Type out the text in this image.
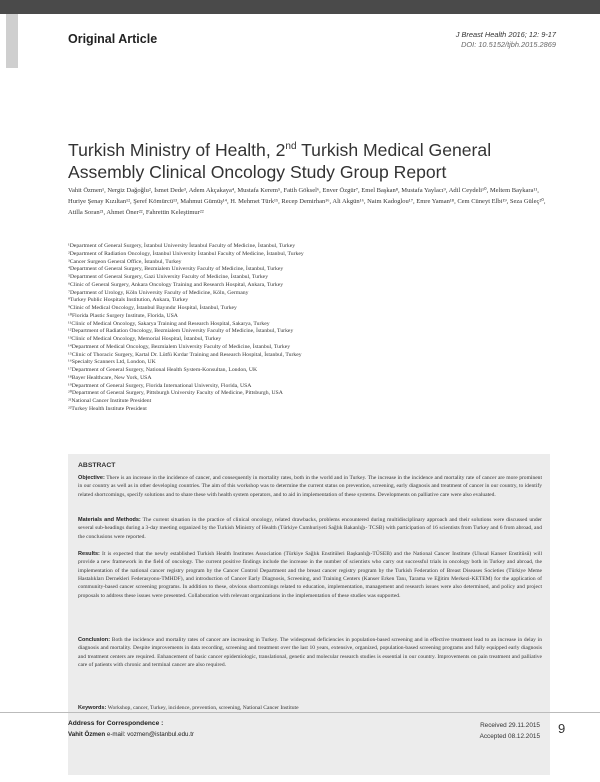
Original Article	J Breast Health 2016; 12: 9-17
DOI: 10.5152/tjbh.2015.2869
Turkish Ministry of Health, 2nd Turkish Medical General Assembly Clinical Oncology Study Group Report
Vahit Özmen¹, Nergiz Dağoğlu², İsmet Dede³, Adem Akçakaya⁴, Mustafa Kerem⁵, Fatih Göksel⁶, Enver Özgür⁷, Emel Başkan⁸, Mustafa Yaylacı⁹, Adil Ceydeli¹⁰, Meltem Baykara¹¹, Huriye Şenay Kızıltan¹², Şeref Kömürcü¹³, Mahmut Gümüş¹⁴, H. Mehmet Türk¹⁵, Recep Demirhan¹⁶, Ali Akgün¹⁶, Naim Kadoglou¹⁷, Emre Yaman¹⁸, Cem Cüneyt Elbi¹⁹, Seza Güleç²⁰, Atilla Soran²¹, Ahmet Öner²², Fahrettin Keleştimur²²
¹Department of General Surgery, İstanbul University İstanbul Faculty of Medicine, İstanbul, Turkey
²Department of Radiation Oncology, İstanbul University İstanbul Faculty of Medicine, İstanbul, Turkey
³Cancer Surgeon General Office, İstanbul, Turkey
⁴Department of General Surgery, Bezmialem University Faculty of Medicine, İstanbul, Turkey
⁵Department of General Surgery, Gazi University Faculty of Medicine, İstanbul, Turkey
⁶Clinic of General Surgery, Ankara Oncology Training and Research Hospital, Ankara, Turkey
⁷Department of Urology, Köln University Faculty of Medicine, Köln, Germany
⁸Turkey Public Hospitals Institution, Ankara, Turkey
⁹Clinic of Medical Oncology, İstanbul Bayındır Hospital, İstanbul, Turkey
¹⁰Florida Plastic Surgery Institute, Florida, USA
¹¹Clinic of Medical Oncology, Sakarya Training and Research Hospital, Sakarya, Turkey
¹²Department of Radiation Oncology, Bezmialem University Faculty of Medicine, İstanbul, Turkey
¹³Clinic of Medical Oncology, Memorial Hospital, İstanbul, Turkey
¹⁴Department of Medical Oncology, Bezmialem University Faculty of Medicine, İstanbul, Turkey
¹⁵Clinic of Thoracic Surgery, Kartal Dr. Lütfü Kırdar Training and Research Hospital, İstanbul, Turkey
¹⁶Specialty Scanners Ltd, London, UK
¹⁷Department of General Surgery, National Health System-Konsultan, London, UK
¹⁸Bayer Healthcare, New York, USA
¹⁹Department of General Surgery, Florida International University, Florida, USA
²⁰Department of General Surgery, Pittsburgh University Faculty of Medicine, Pittsburgh, USA
²¹National Cancer Institute President
²²Turkey Health Institute President
ABSTRACT
Objective: There is an increase in the incidence of cancer, and consequently in mortality rates, both in the world and in Turkey. The increase in the incidence and mortality rate of cancer are more prominent in our country as well as in other developing countries. The aim of this workshop was to determine the current status on prevention, screening, early diagnosis and treatment of cancer in our country, to identify related shortcomings, specify solutions and to share these with health system operators, and to aid in implementation of these systems. Developments on palliative care were also evaluated.
Materials and Methods: The current situation in the practice of clinical oncology, related drawbacks, problems encountered during multidisciplinary approach and their solutions were discussed under several sub-headings during a 3-day meeting organized by the Turkish Ministry of Health (Türkiye Cumhuriyeti Sağlık Bakanlığı- TCSB) with participation of 16 scientists from Turkey and 6 from abroad, and the conclusions were reported.
Results: It is expected that the newly established Turkish Health Institutes Association (Türkiye Sağlık Enstitüleri Başkanlığı-TÜSEB) and the National Cancer Institute (Ulusal Kanser Enstitüsü) will provide a new framework in the field of oncology. The current positive findings include the increase in the number of scientists who carry out successful trials in oncology both in Turkey and abroad, the implementation of the national cancer registry program by the Cancer Control Department and the breast cancer registry program by the Turkish Federation of Breast Diseases Societies (Türkiye Meme Hastalıkları Dernekleri Federasyonu-TMHDF), and introduction of Cancer Early Diagnosis, Screening, and Training Centers (Kanser Erken Tanı, Tarama ve Eğitim Merkezi-KETEM) for the application of community-based cancer screening programs. In addition to these, obvious shortcomings related to education, implementation, management and research issues were also determined, and policy and project proposals to address these issues were presented. Collaboration with relevant organizations in the implementation of these studies was supported.
Conclusion: Both the incidence and mortality rates of cancer are increasing in Turkey. The widespread deficiencies in population-based screening and in effective treatment lead to an increase in delay in diagnosis and mortality. Despite improvements in data recording, screening and treatment over the last 10 years, extensive, organized, population-based screening programs and fully equipped early diagnosis and treatment centers are required. Enhancement of basic cancer epidemiologic, translational, genetic and molecular research studies is essential in our country. Improvements on pain treatment and palliative care of patients with chronic and terminal cancer are also required.
Keywords: Workshop, cancer, Turkey, incidence, prevention, screening, National Cancer Institute
Address for Correspondence :
Vahit Özmen e-mail: vozmen@istanbul.edu.tr
Received 29.11.2015
Accepted 08.12.2015
9
